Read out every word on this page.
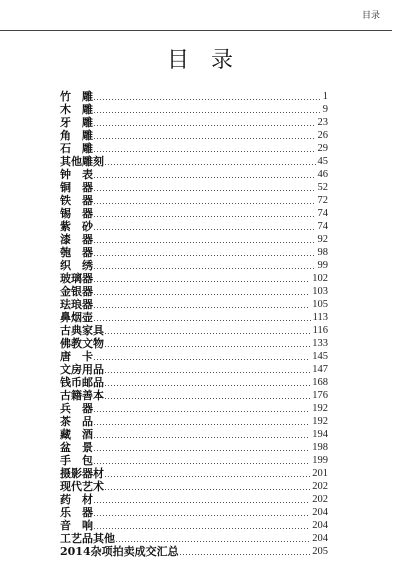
目录
目　录
竹　雕	1
木　雕	9
牙　雕	23
角　雕	26
石　雕	29
其他雕刻	45
钟　表	46
铜　器	52
铁　器	72
锡　器	74
紫　砂	74
漆　器	92
匏　器	98
织　绣	99
玻璃器	102
金银器	103
珐琅器	105
鼻烟壶	113
古典家具	116
佛教文物	133
唐　卡	145
文房用品	147
钱币邮品	168
古籍善本	176
兵　器	192
茶　品	192
藏　酒	194
盆　景	198
手　包	199
摄影器材	201
现代艺术	202
药　材	202
乐　器	204
音　响	204
工艺品其他	204
2014杂项拍卖成交汇总	205
